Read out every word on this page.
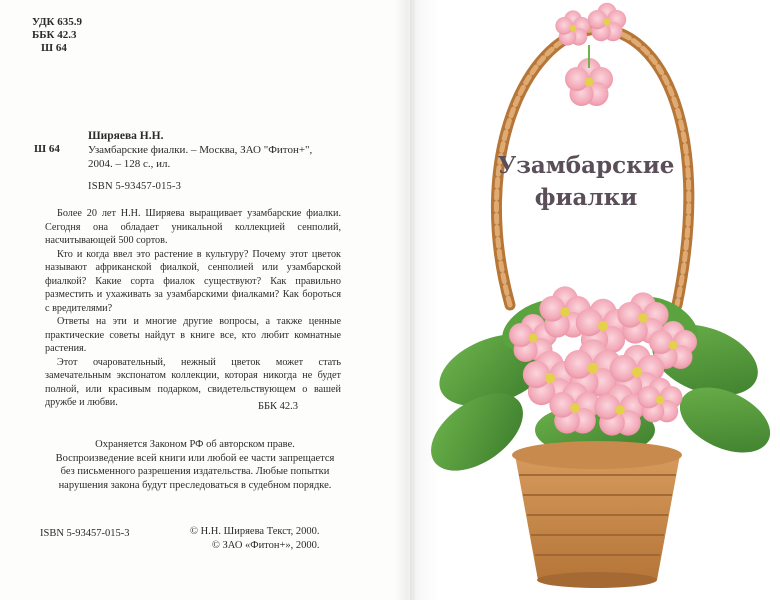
УДК 635.9
ББК 42.3
Ш 64
Ширяева Н.Н.
Ш 64	Узамбарские фиалки. – Москва, ЗАО "Фитон+",
2004. – 128 с., ил.
ISBN 5-93457-015-3

Более 20 лет Н.Н. Ширяева выращивает узамбарские фиалки. Сегодня она обладает уникальной коллекцией сенполий, насчитывающей 500 сортов.

Кто и когда ввел это растение в культуру? Почему этот цветок называют африканской фиалкой, сенполией или узамбарской фиалкой? Какие сорта фиалок существуют? Как правильно разместить и ухаживать за узамбарскими фиалками? Как бороться с вредителями?

Ответы на эти и многие другие вопросы, а также ценные практические советы найдут в книге все, кто любит комнатные растения.

Этот очаровательный, нежный цветок может стать замечательным экспонатом коллекции, которая никогда не будет полной, или красивым подарком, свидетельствующем о вашей дружбе и любви.	ББК 42.3

Охраняется Законом РФ об авторском праве.

Воспроизведение всей книги или любой ее части запрещается без письменного разрешения издательства. Любые попытки нарушения закона будут преследоваться в судебном порядке.

ISBN 5-93457-015-3	© Н.Н. Ширяева Текст, 2000.
© ЗАО «Фитон+», 2000.
Узамбарские
фиалки
